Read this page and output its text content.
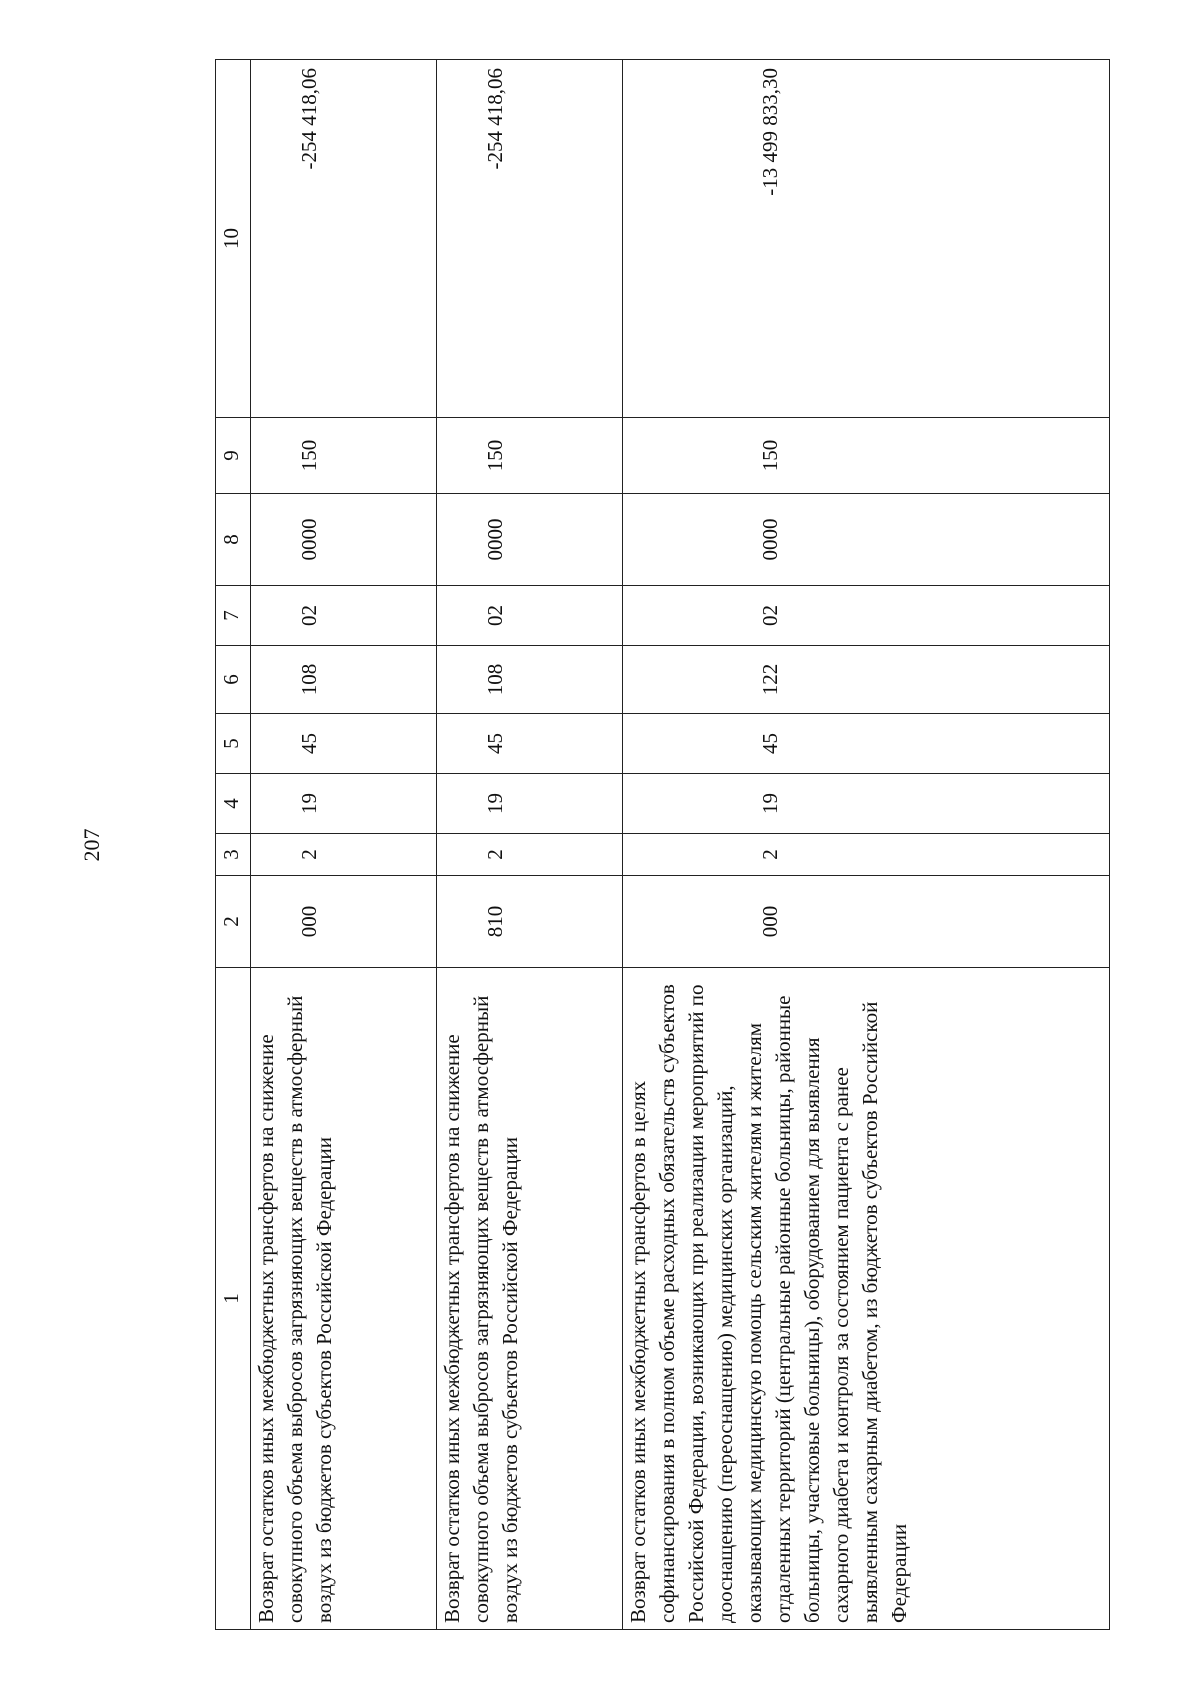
207
1	2	3	4	5	6	7	8	9	10
Возврат остатков иных межбюджетных трансфертов на снижение совокупного объема выбросов загрязняющих веществ в атмосферный воздух из бюджетов субъектов Российской Федерации	000	2	19	45	108	02	0000	150	-254 418,06
Возврат остатков иных межбюджетных трансфертов на снижение совокупного объема выбросов загрязняющих веществ в атмосферный воздух из бюджетов субъектов Российской Федерации	810	2	19	45	108	02	0000	150	-254 418,06
Возврат остатков иных межбюджетных трансфертов в целях софинансирования в полном объеме расходных обязательств субъектов Российской Федерации, возникающих при реализации мероприятий по дооснащению (переоснащению) медицинских организаций, оказывающих медицинскую помощь сельским жителям и жителям отдаленных территорий (центральные районные больницы, районные больницы, участковые больницы), оборудованием для выявления сахарного диабета и контроля за состоянием пациента с ранее выявленным сахарным диабетом, из бюджетов субъектов Российской Федерации	000	2	19	45	122	02	0000	150	-13 499 833,30
